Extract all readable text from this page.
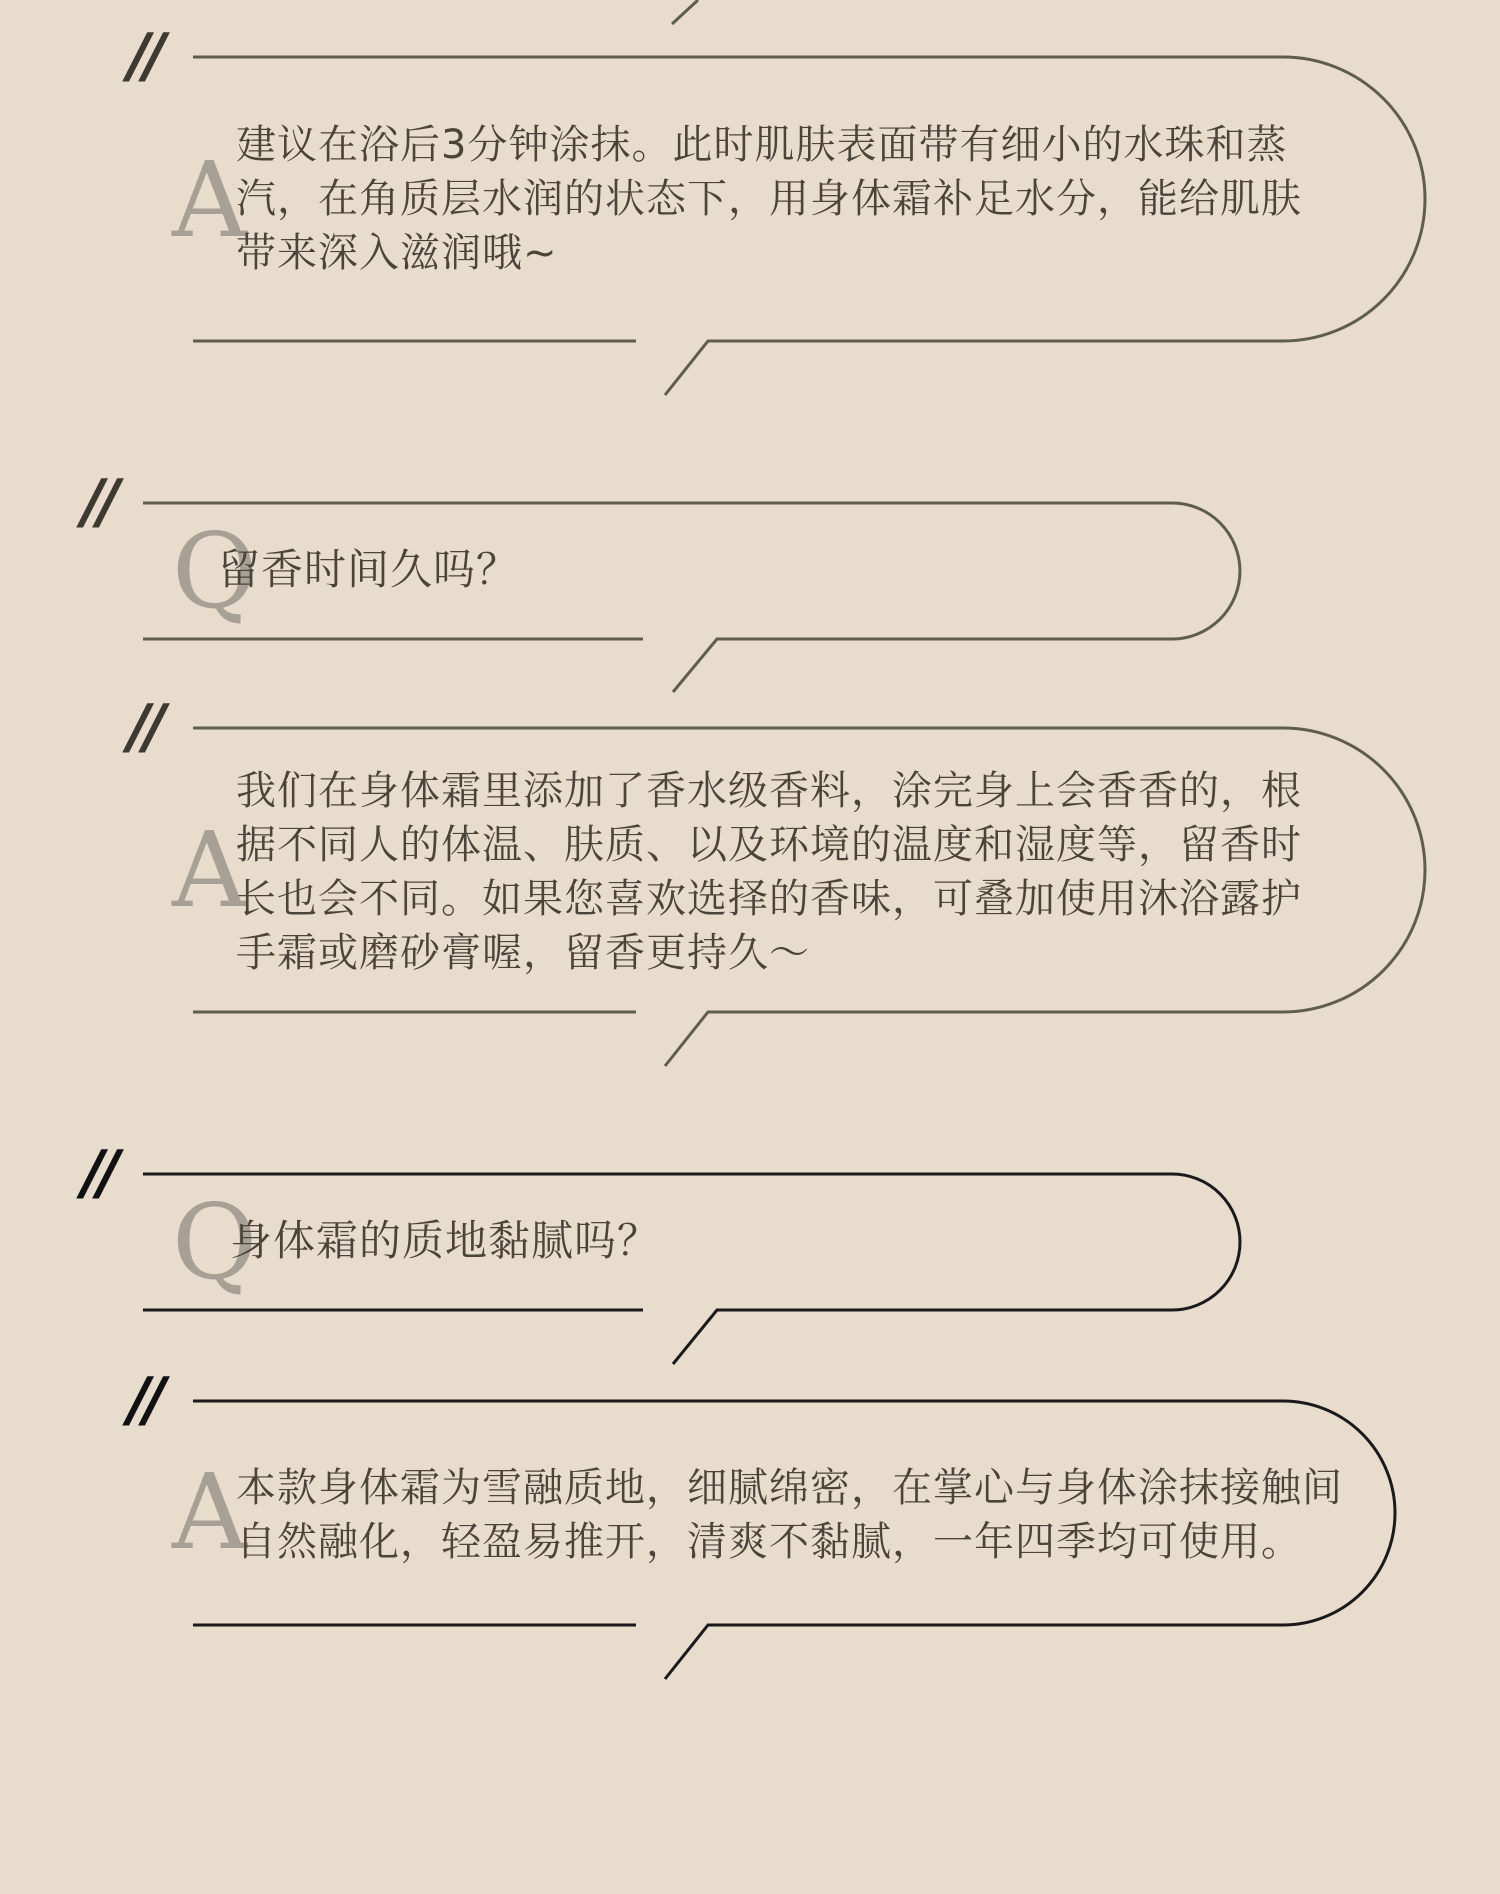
//
A

建议在浴后3分钟涂抹。此时肌肤表面带有细小的水珠和蒸
汽，在角质层水润的状态下，用身体霜补足水分，能给肌肤
带来深入滋润哦~

//
Q

留香时间久吗？

//
A

我们在身体霜里添加了香水级香料，涂完身上会香香的，根
据不同人的体温、肤质、以及环境的温度和湿度等，留香时
长也会不同。如果您喜欢选择的香味，可叠加使用沐浴露护
手霜或磨砂膏喔，留香更持久～

//
Q

身体霜的质地黏腻吗？

//
A

本款身体霜为雪融质地，细腻绵密，在掌心与身体涂抹接触间
自然融化，轻盈易推开，清爽不黏腻，一年四季均可使用。
